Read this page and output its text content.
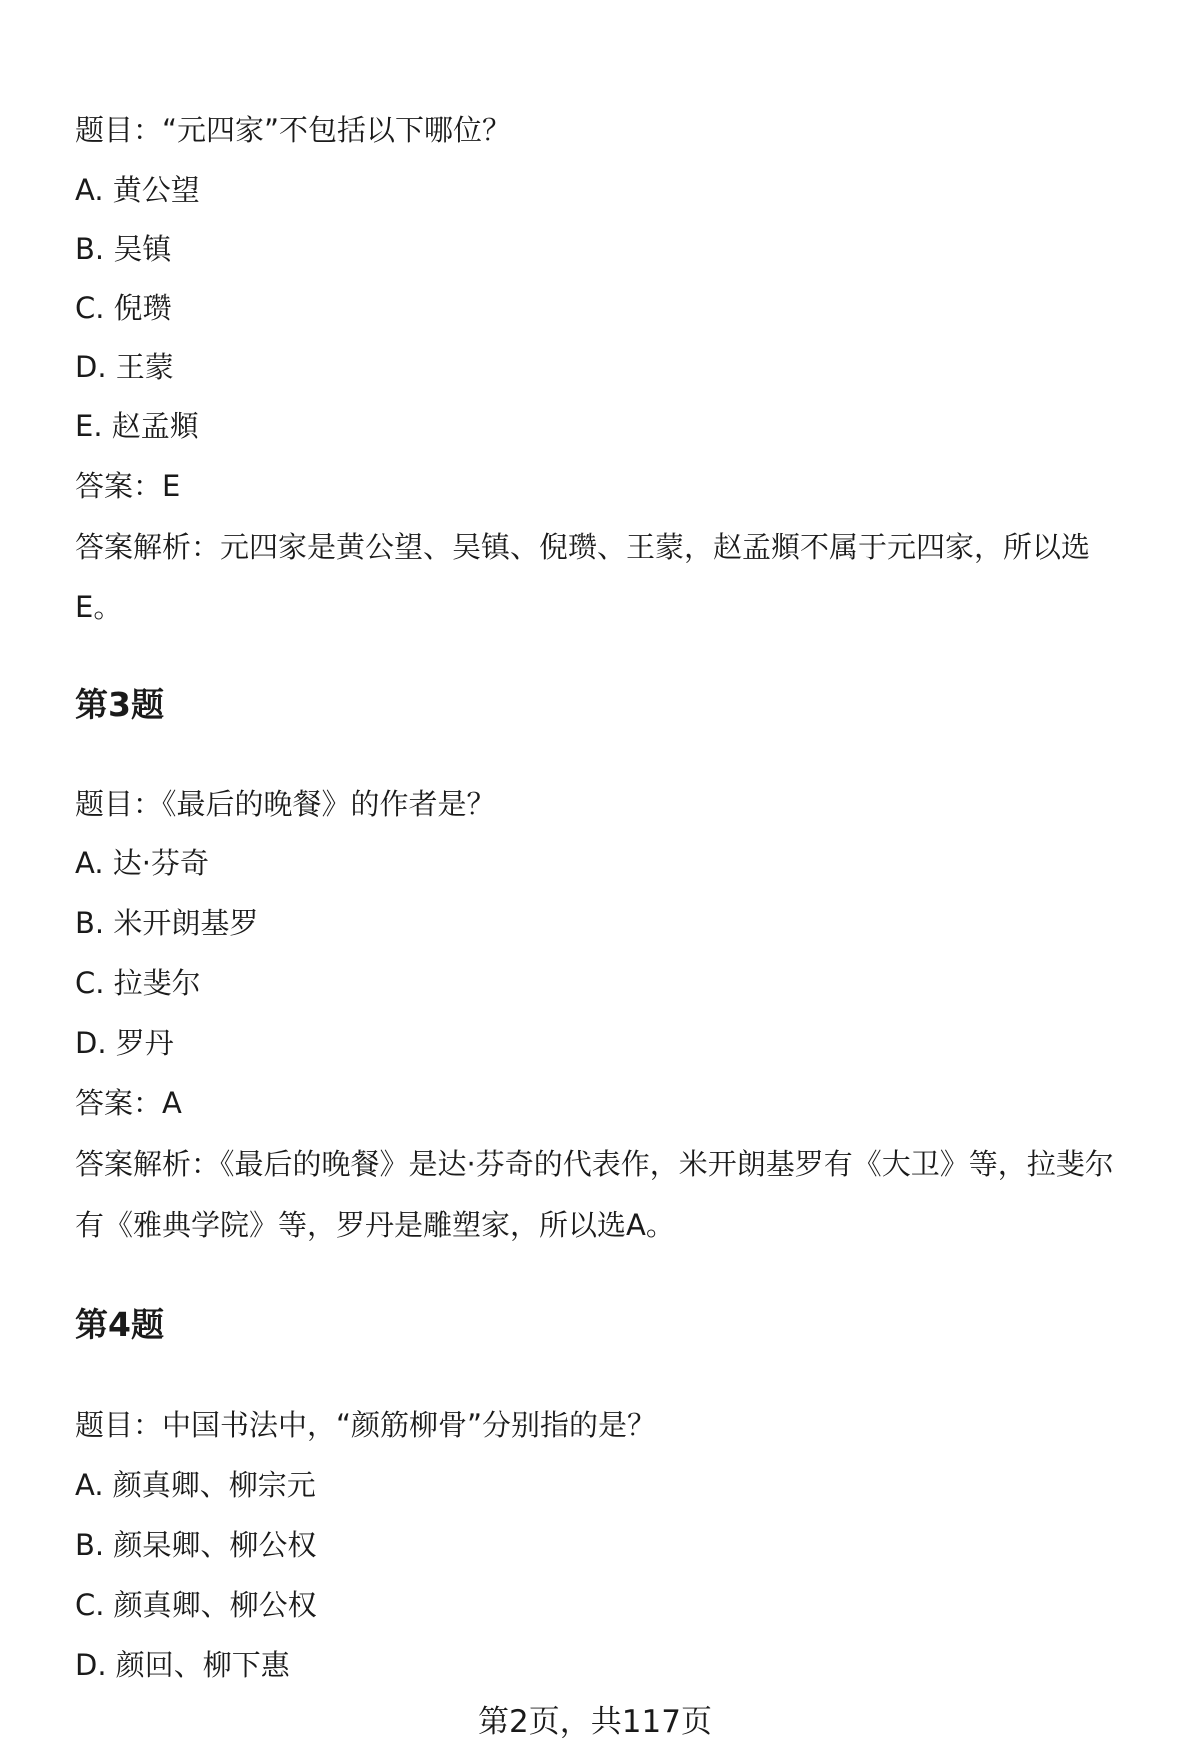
题目：“元四家”不包括以下哪位？
A. 黄公望
B. 吴镇
C. 倪瓒
D. 王蒙
E. 赵孟頫
答案：E
答案解析：元四家是黄公望、吴镇、倪瓒、王蒙，赵孟頫不属于元四家，所以选
E。
第3题
题目：《最后的晚餐》的作者是？
A. 达·芬奇
B. 米开朗基罗
C. 拉斐尔
D. 罗丹
答案：A
答案解析：《最后的晚餐》是达·芬奇的代表作，米开朗基罗有《大卫》等，拉斐尔
有《雅典学院》等，罗丹是雕塑家，所以选A。
第4题
题目：中国书法中，“颜筋柳骨”分别指的是？
A. 颜真卿、柳宗元
B. 颜杲卿、柳公权
C. 颜真卿、柳公权
D. 颜回、柳下惠
第2页，共117页
